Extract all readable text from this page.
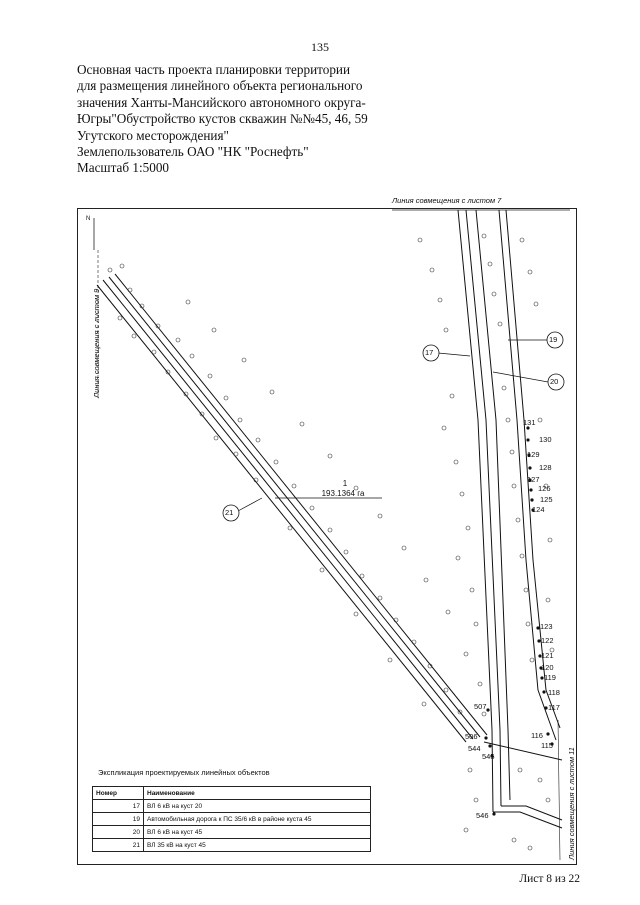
135
Основная часть проекта планировки территории
для размещения линейного объекта регионального
значения Ханты-Мансийского автономного округа-
Югры"Обустройство кустов скважин №№45, 46, 59
Угутского месторождения"
Землепользователь ОАО "НК "Роснефть"
Масштаб 1:5000
Линия совмещения с листом 7
Линия совмещения с листом 9
Линия совмещения с листом 11
N
17
19
20
21
1
193.1364 га
131
130
129
128
127
126
125
124
123
122
121
120
119
118
117
116
115
507
506
544
545
546
Экспликация проектируемых линейных объектов
Номер	Наименование
17	ВЛ 6 кВ на куст 20
19	Автомобильная дорога к ПС 35/6 кВ в районе куста 45
20	ВЛ 6 кВ на куст 45
21	ВЛ 35 кВ на куст 45
Лист 8 из 22
